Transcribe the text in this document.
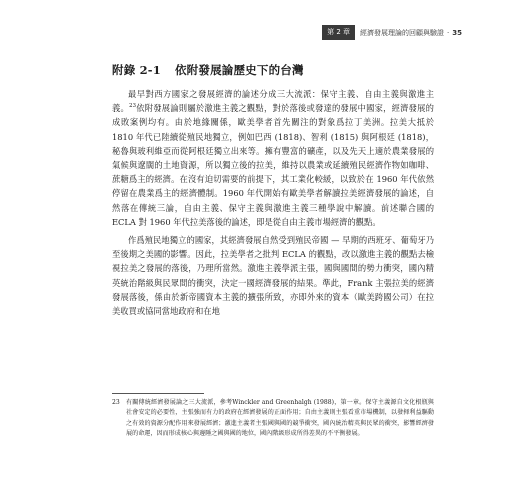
第 2 章	經濟發展理論的回顧與驗證 ‧ 35
附錄 2-1 依附發展論歷史下的台灣

最早對西方國家之發展經濟的論述分成三大流派：保守主義、自由主義與激進主義。$^{23}$依附發展論則屬於激進主義之觀點，對於落後或發達的發展中國家，經濟發展的成敗案例均有。由於地緣關係，歐美學者首先關注的對象爲拉丁美洲。拉美大抵於 1810 年代已陸續從殖民地獨立，例如巴西 (1818)、智利 (1815) 與阿根廷 (1818)，秘魯與玻利維亞而從阿根廷獨立出來等。擁有豐富的礦產，以及先天上適於農業發展的氣候與遼闊的土地資源，所以獨立後的拉美，維持以農業或延續殖民經濟作物如咖啡、蔗糖爲主的經濟。在沒有迫切需要的前提下，其工業化較緩，以致於在 1960 年代依然停留在農業爲主的經濟體制。1960 年代開始有歐美學者解讀拉美經濟發展的論述，自然落在傳統三論，自由主義、保守主義與激進主義三種學說中解讀。前述聯合國的 ECLA 對 1960 年代拉美落後的論述，即是從自由主義市場經濟的觀點。

作爲殖民地獨立的國家，其經濟發展自然受到殖民帝國 — 早期的西班牙、葡萄牙乃至後期之美國的影響。因此，拉美學者之批判 ECLA 的觀點，改以激進主義的觀點去檢視拉美之發展的落後，乃理所當然。激進主義學派主張，國與國間的勢力衝突，國內精英統治階級與民眾間的衝突，決定一國經濟發展的結果。準此，Frank 主張拉美的經濟發展落後，係由於新帝國資本主義的擴張所致，亦即外來的資本（歐美跨國公司）在拉美收買或協同當地政府和在地

23	有關傳統經濟發展論之三大流派，參考Winckler and Greenhalgh (1988)，第一章。保守主義源自文化根瓶與社會安定的必要性，主張強而有力的政府在經濟發展的正面作用；自由主義則主張看重市場機制，以發揮利益驅動之有效的資源分配作用來發展經濟；激進主義者主張國與國的競爭衝突，國內統治精英與民眾的衝突，影響經濟發展的命運，因而形成核心與邊陲之國與國的地位，國內階級形成所得差異的不平衡發展。
